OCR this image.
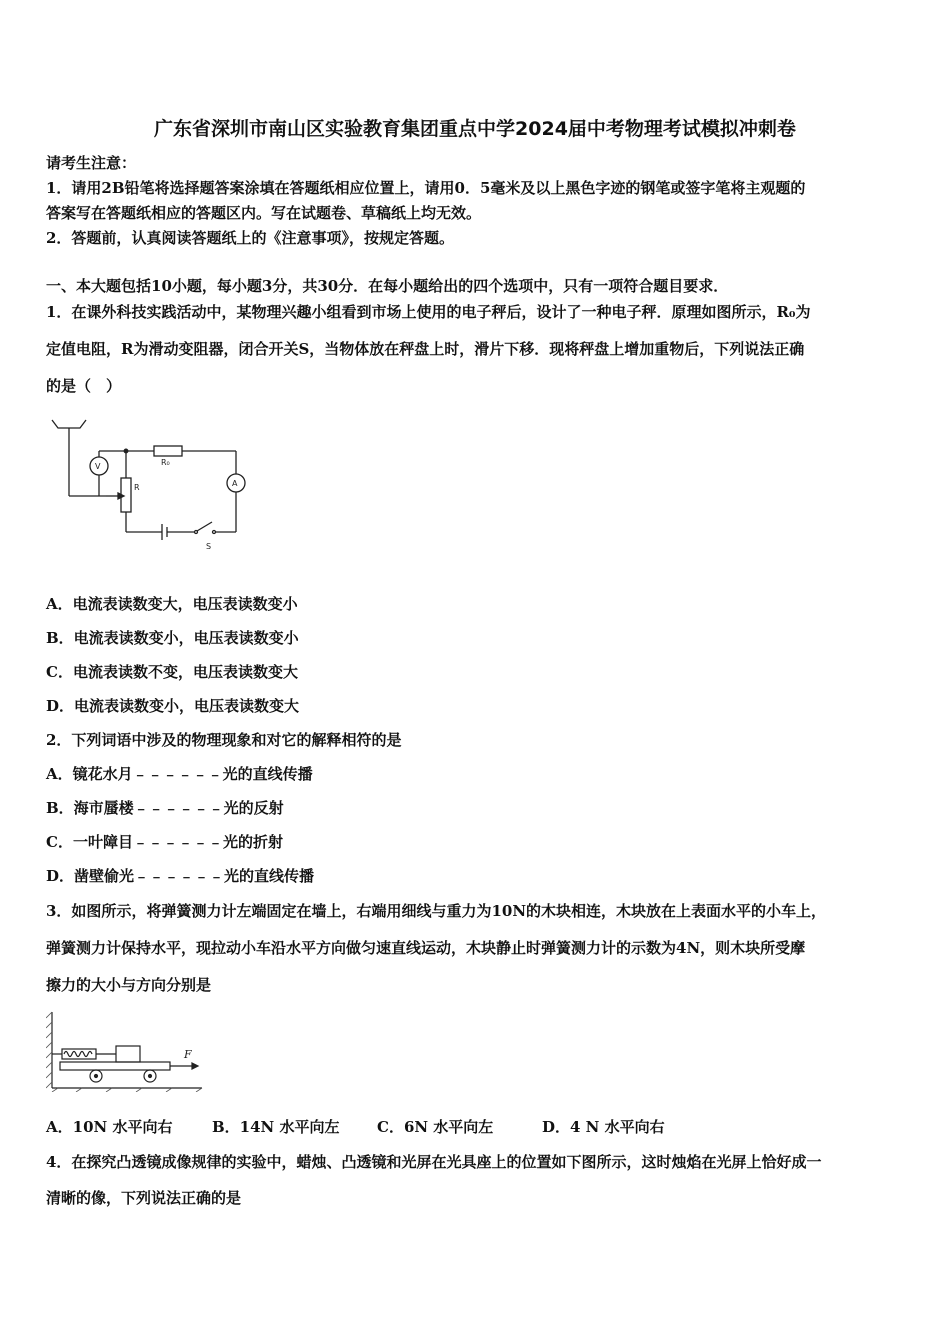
广东省深圳市南山区实验教育集团重点中学2024届中考物理考试模拟冲刺卷
请考生注意：
1．请用2B铅笔将选择题答案涂填在答题纸相应位置上，请用0．5毫米及以上黑色字迹的钢笔或签字笔将主观题的
答案写在答题纸相应的答题区内。写在试题卷、草稿纸上均无效。
2．答题前，认真阅读答题纸上的《注意事项》，按规定答题。
一、本大题包括10小题，每小题3分，共30分．在每小题给出的四个选项中，只有一项符合题目要求．
1．在课外科技实践活动中，某物理兴趣小组看到市场上使用的电子秤后，设计了一种电子秤．原理如图所示，R₀为
定值电阻，R为滑动变阻器，闭合开关S，当物体放在秤盘上时，滑片下移．现将秤盘上增加重物后，下列说法正确
的是（　）
V
A
R₀
R
S
A．电流表读数变大，电压表读数变小
B．电流表读数变小，电压表读数变小
C．电流表读数不变，电压表读数变大
D．电流表读数变小，电压表读数变大
2．下列词语中涉及的物理现象和对它的解释相符的是
A．镜花水月﹣﹣﹣﹣﹣﹣光的直线传播
B．海市蜃楼﹣﹣﹣﹣﹣﹣光的反射
C．一叶障目﹣﹣﹣﹣﹣﹣光的折射
D．凿壁偷光﹣﹣﹣﹣﹣﹣光的直线传播
3．如图所示，将弹簧测力计左端固定在墙上，右端用细线与重力为10N的木块相连，木块放在上表面水平的小车上，
弹簧测力计保持水平，现拉动小车沿水平方向做匀速直线运动，木块静止时弹簧测力计的示数为4N，则木块所受摩
擦力的大小与方向分别是
F
A．10N 水平向右	B．14N 水平向左	C．6N 水平向左	D．4 N 水平向右
4．在探究凸透镜成像规律的实验中，蜡烛、凸透镜和光屏在光具座上的位置如下图所示，这时烛焰在光屏上恰好成一
清晰的像，下列说法正确的是
